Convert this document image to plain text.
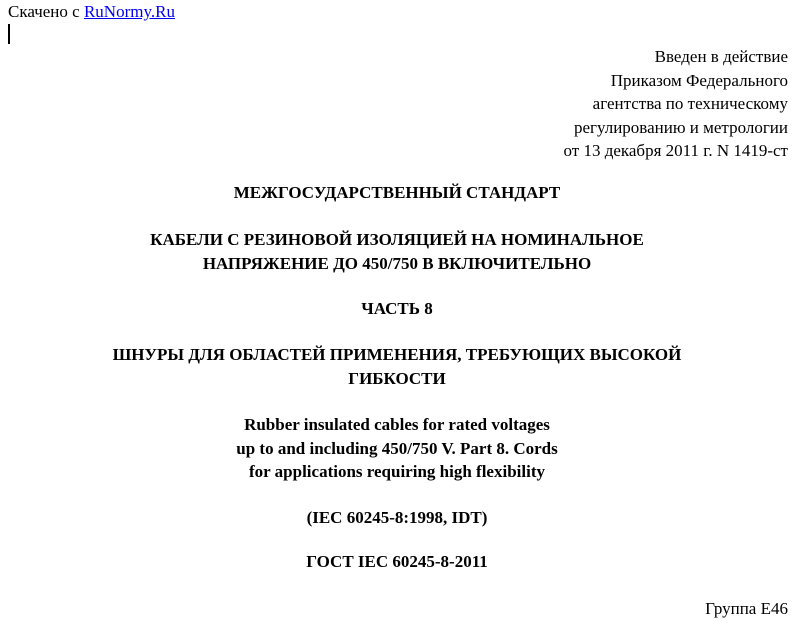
Скачено с RuNormy.Ru
Введен в действие
Приказом Федерального
агентства по техническому
регулированию и метрологии
от 13 декабря 2011 г. N 1419-ст
МЕЖГОСУДАРСТВЕННЫЙ СТАНДАРТ
КАБЕЛИ С РЕЗИНОВОЙ ИЗОЛЯЦИЕЙ НА НОМИНАЛЬНОЕ
НАПРЯЖЕНИЕ ДО 450/750 В ВКЛЮЧИТЕЛЬНО
ЧАСТЬ 8
ШНУРЫ ДЛЯ ОБЛАСТЕЙ ПРИМЕНЕНИЯ, ТРЕБУЮЩИХ ВЫСОКОЙ
ГИБКОСТИ
Rubber insulated cables for rated voltages
up to and including 450/750 V. Part 8. Cords
for applications requiring high flexibility
(IEC 60245-8:1998, IDT)
ГОСТ IEC 60245-8-2011
Группа Е46
